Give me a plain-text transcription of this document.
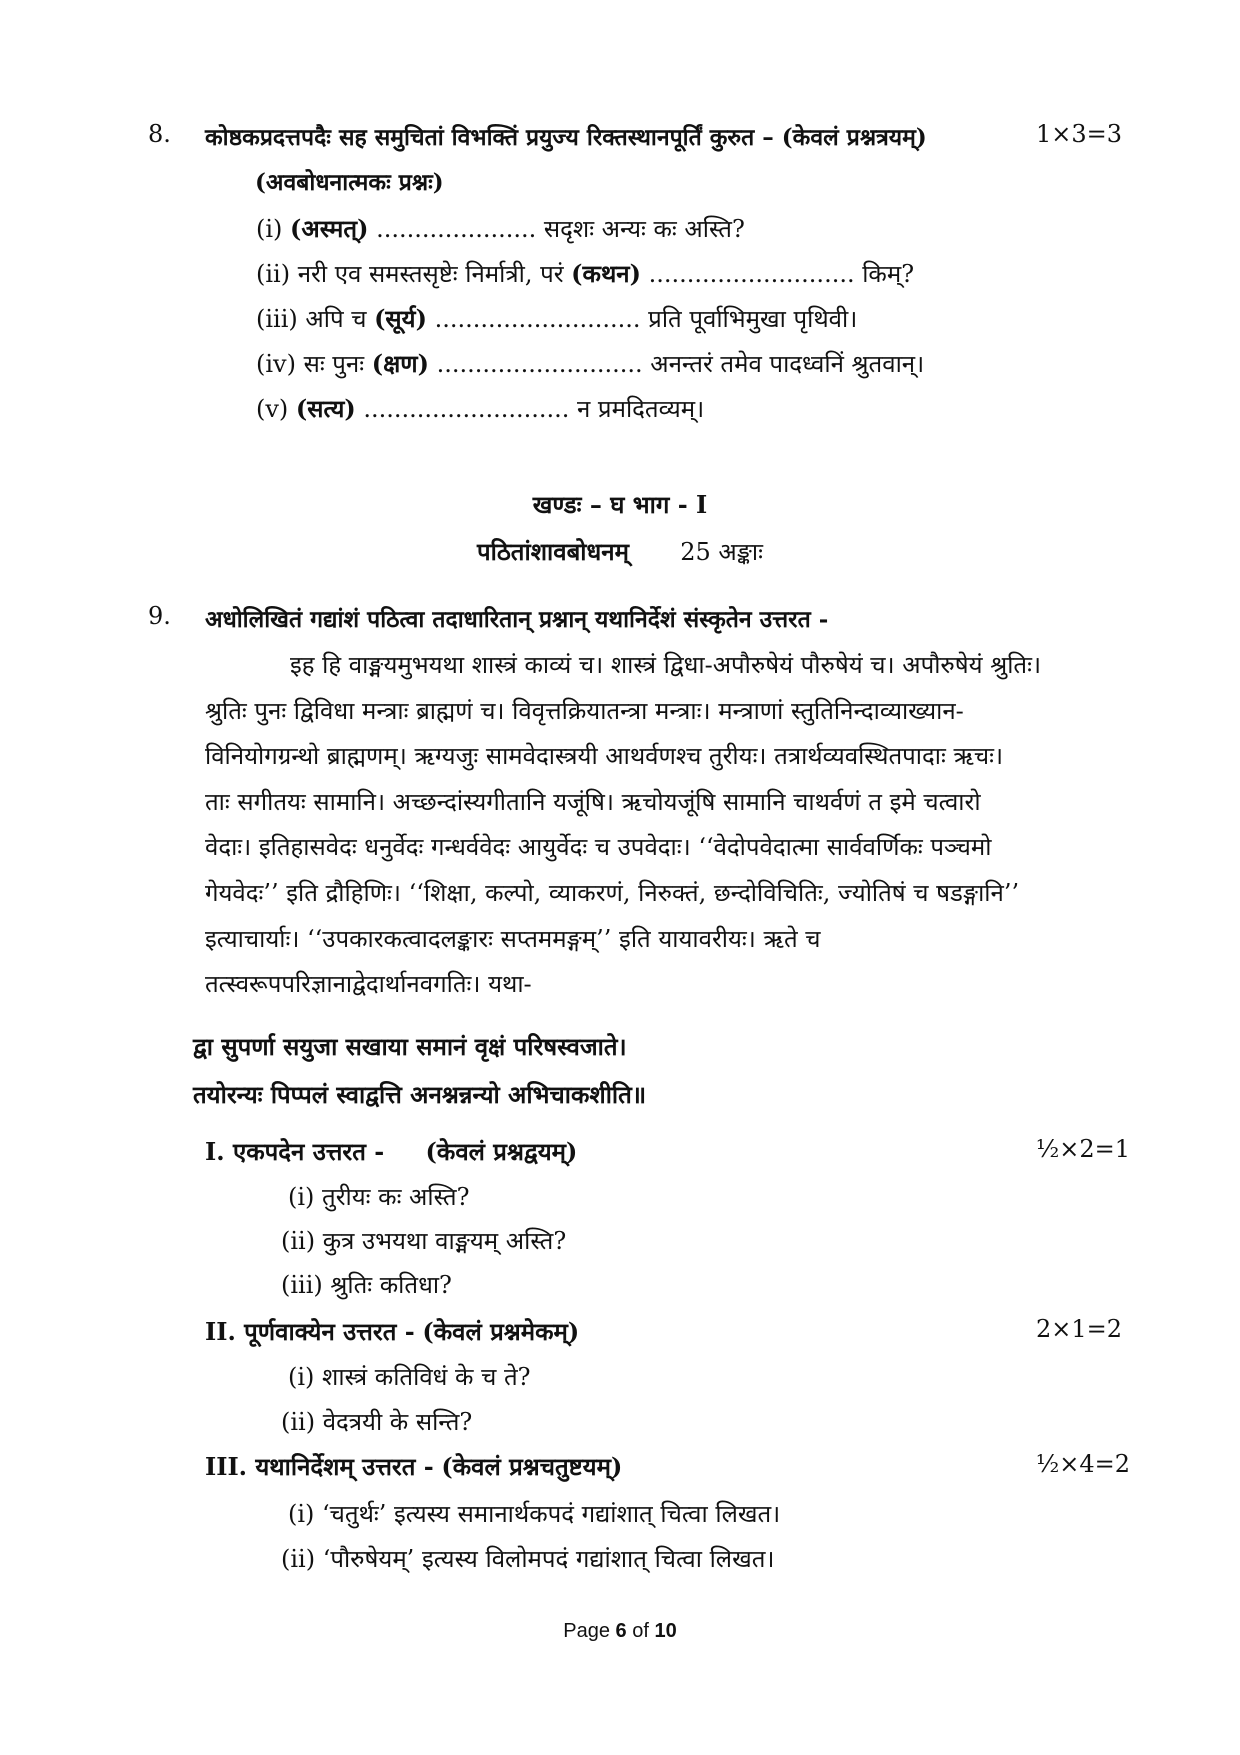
8. कोष्ठकप्रदत्तपदैः सह समुचितां विभक्तिं प्रयुज्य रिक्तस्थानपूर्तिं कुरुत – (केवलं प्रश्नत्रयम्)	1×3=3
(अवबोधनात्मकः प्रश्नः)
(i) (अस्मत्) ..................... सदृशः अन्यः कः अस्ति?
(ii) नरी एव समस्तसृष्टेः निर्मात्री, परं (कथन) ........................... किम्?
(iii) अपि च (सूर्य) ........................... प्रति पूर्वाभिमुखा पृथिवी।
(iv) सः पुनः (क्षण) ........................... अनन्तरं तमेव पादध्वनिं श्रुतवान्।
(v) (सत्य) ........................... न प्रमदितव्यम्।
खण्डः – घ भाग - I
पठितांशावबोधनम् 25 अङ्काः
9. अधोलिखितं गद्यांशं पठित्वा तदाधारितान् प्रश्नान् यथानिर्देशं संस्कृतेन उत्तरत -
इह हि वाङ्मयमुभयथा शास्त्रं काव्यं च। शास्त्रं द्विधा-अपौरुषेयं पौरुषेयं च। अपौरुषेयं श्रुतिः।
श्रुतिः पुनः द्विविधा मन्त्राः ब्राह्मणं च। विवृत्तक्रियातन्त्रा मन्त्राः। मन्त्राणां स्तुतिनिन्दाव्याख्यान-
विनियोगग्रन्थो ब्राह्मणम्। ऋग्यजुः सामवेदास्त्रयी आथर्वणश्च तुरीयः। तत्रार्थव्यवस्थितपादाः ऋचः।
ताः सगीतयः सामानि। अच्छन्दांस्यगीतानि यजूंषि। ऋचोयजूंषि सामानि चाथर्वणं त इमे चत्वारो
वेदाः। इतिहासवेदः धनुर्वेदः गन्धर्ववेदः आयुर्वेदः च उपवेदाः। ‘‘वेदोपवेदात्मा सार्ववर्णिकः पञ्चमो
गेयवेदः’’ इति द्रौहिणिः। ‘‘शिक्षा, कल्पो, व्याकरणं, निरुक्तं, छन्दोविचितिः, ज्योतिषं च षडङ्गानि’’
इत्याचार्याः। ‘‘उपकारकत्वादलङ्कारः सप्तममङ्गम्’’ इति यायावरीयः। ऋते च
तत्स्वरूपपरिज्ञानाद्वेदार्थानवगतिः। यथा-
द्वा सुपर्णा सयुजा सखाया समानं वृक्षं परिषस्वजाते।
तयोरन्यः पिप्पलं स्वाद्वत्ति अनश्नन्नन्यो अभिचाकशीति॥
I. एकपदेन उत्तरत - (केवलं प्रश्नद्वयम्)	½×2=1
(i) तुरीयः कः अस्ति?
(ii) कुत्र उभयथा वाङ्मयम् अस्ति?
(iii) श्रुतिः कतिधा?
II. पूर्णवाक्येन उत्तरत - (केवलं प्रश्नमेकम्)	2×1=2
(i) शास्त्रं कतिविधं के च ते?
(ii) वेदत्रयी के सन्ति?
III. यथानिर्देशम् उत्तरत - (केवलं प्रश्नचतुष्टयम्)	½×4=2
(i) ‘चतुर्थः’ इत्यस्य समानार्थकपदं गद्यांशात् चित्वा लिखत।
(ii) ‘पौरुषेयम्’ इत्यस्य विलोमपदं गद्यांशात् चित्वा लिखत।
Page 6 of 10
